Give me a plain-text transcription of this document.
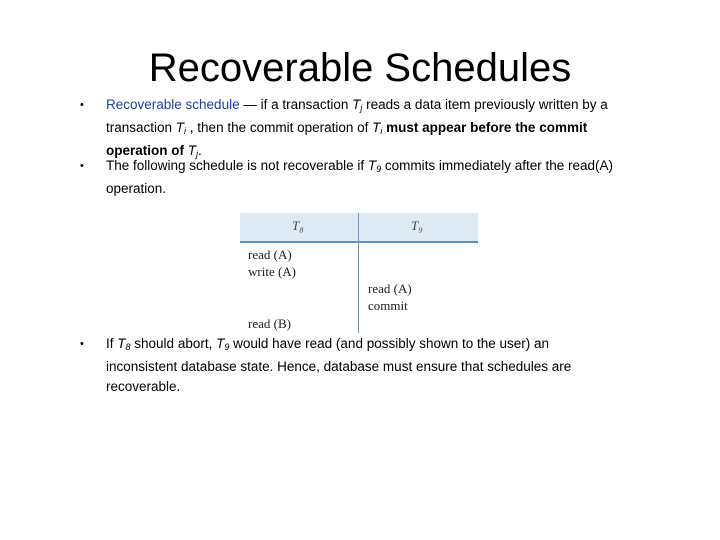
Recoverable Schedules
• Recoverable schedule — if a transaction $T_j$ reads a data item previously written by a transaction $T_i$ , then the commit operation of $T_i$ must appear before the commit operation of $T_j$.
• The following schedule is not recoverable if $T_9$ commits immediately after the read(A) operation.
• If $T_8$ should abort, $T_9$ would have read (and possibly shown to the user) an inconsistent database state. Hence, database must ensure that schedules are recoverable.
T₈	T₉
read (A)
write (A)
read (A)
commit
read (B)
